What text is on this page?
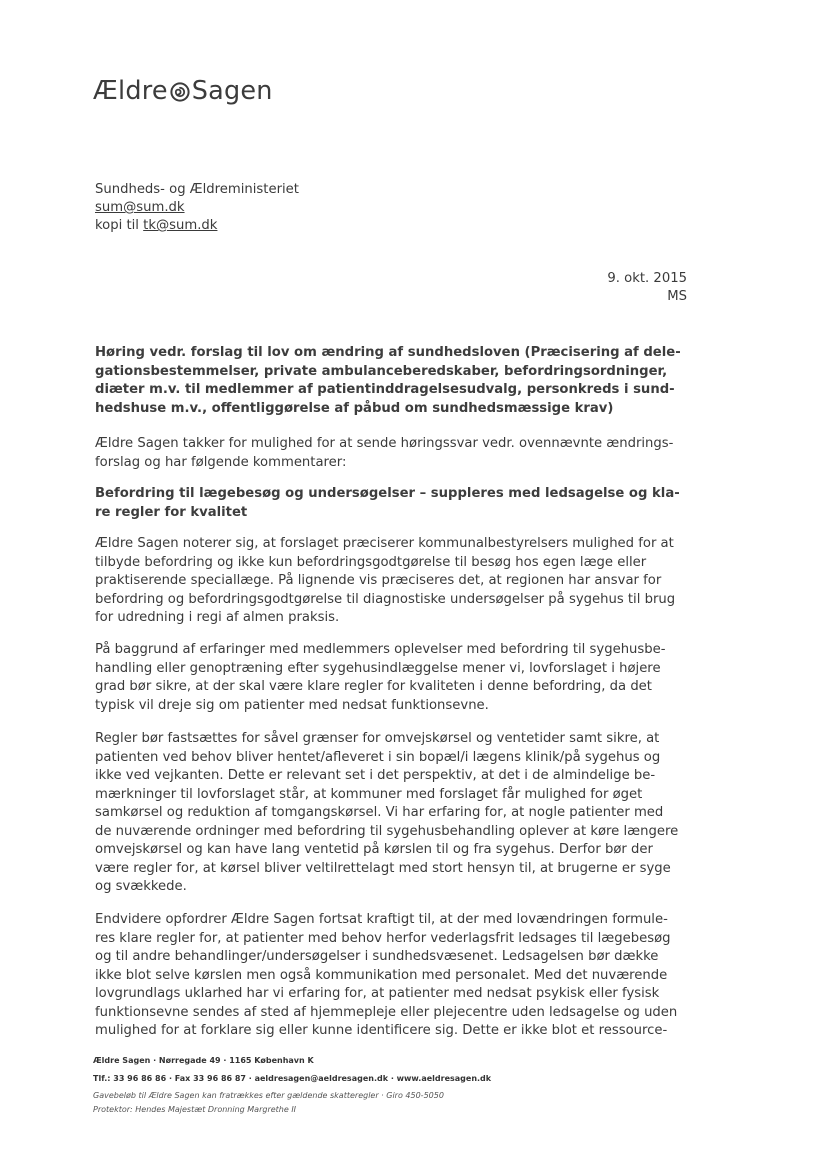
Ældre Sagen
Sundheds- og Ældreministeriet
sum@sum.dk
kopi til tk@sum.dk
9. okt. 2015
MS
Høring vedr. forslag til lov om ændring af sundhedsloven (Præcisering af dele-
gationsbestemmelser, private ambulanceberedskaber, befordringsordninger,
diæter m.v. til medlemmer af patientinddragelsesudvalg, personkreds i sund-
hedshuse m.v., offentliggørelse af påbud om sundhedsmæssige krav)
Ældre Sagen takker for mulighed for at sende høringssvar vedr. ovennævnte ændrings-
forslag og har følgende kommentarer:
Befordring til lægebesøg og undersøgelser – suppleres med ledsagelse og kla-
re regler for kvalitet
Ældre Sagen noterer sig, at forslaget præciserer kommunalbestyrelsers mulighed for at
tilbyde befordring og ikke kun befordringsgodtgørelse til besøg hos egen læge eller
praktiserende speciallæge. På lignende vis præciseres det, at regionen har ansvar for
befordring og befordringsgodtgørelse til diagnostiske undersøgelser på sygehus til brug
for udredning i regi af almen praksis.
På baggrund af erfaringer med medlemmers oplevelser med befordring til sygehusbe-
handling eller genoptræning efter sygehusindlæggelse mener vi, lovforslaget i højere
grad bør sikre, at der skal være klare regler for kvaliteten i denne befordring, da det
typisk vil dreje sig om patienter med nedsat funktionsevne.
Regler bør fastsættes for såvel grænser for omvejskørsel og ventetider samt sikre, at
patienten ved behov bliver hentet/afleveret i sin bopæl/i lægens klinik/på sygehus og
ikke ved vejkanten. Dette er relevant set i det perspektiv, at det i de almindelige be-
mærkninger til lovforslaget står, at kommuner med forslaget får mulighed for øget
samkørsel og reduktion af tomgangskørsel. Vi har erfaring for, at nogle patienter med
de nuværende ordninger med befordring til sygehusbehandling oplever at køre længere
omvejskørsel og kan have lang ventetid på kørslen til og fra sygehus. Derfor bør der
være regler for, at kørsel bliver veltilrettelagt med stort hensyn til, at brugerne er syge
og svækkede.
Endvidere opfordrer Ældre Sagen fortsat kraftigt til, at der med lovændringen formule-
res klare regler for, at patienter med behov herfor vederlagsfrit ledsages til lægebesøg
og til andre behandlinger/undersøgelser i sundhedsvæsenet. Ledsagelsen bør dække
ikke blot selve kørslen men også kommunikation med personalet. Med det nuværende
lovgrundlags uklarhed har vi erfaring for, at patienter med nedsat psykisk eller fysisk
funktionsevne sendes af sted af hjemmepleje eller plejecentre uden ledsagelse og uden
mulighed for at forklare sig eller kunne identificere sig. Dette er ikke blot et ressource-

Ældre Sagen · Nørregade 49 · 1165 København K

Tlf.: 33 96 86 86 · Fax 33 96 86 87 · aeldresagen@aeldresagen.dk · www.aeldresagen.dk

Gavebeløb til Ældre Sagen kan fratrækkes efter gældende skatteregler · Giro 450-5050

Protektor: Hendes Majestæt Dronning Margrethe II
